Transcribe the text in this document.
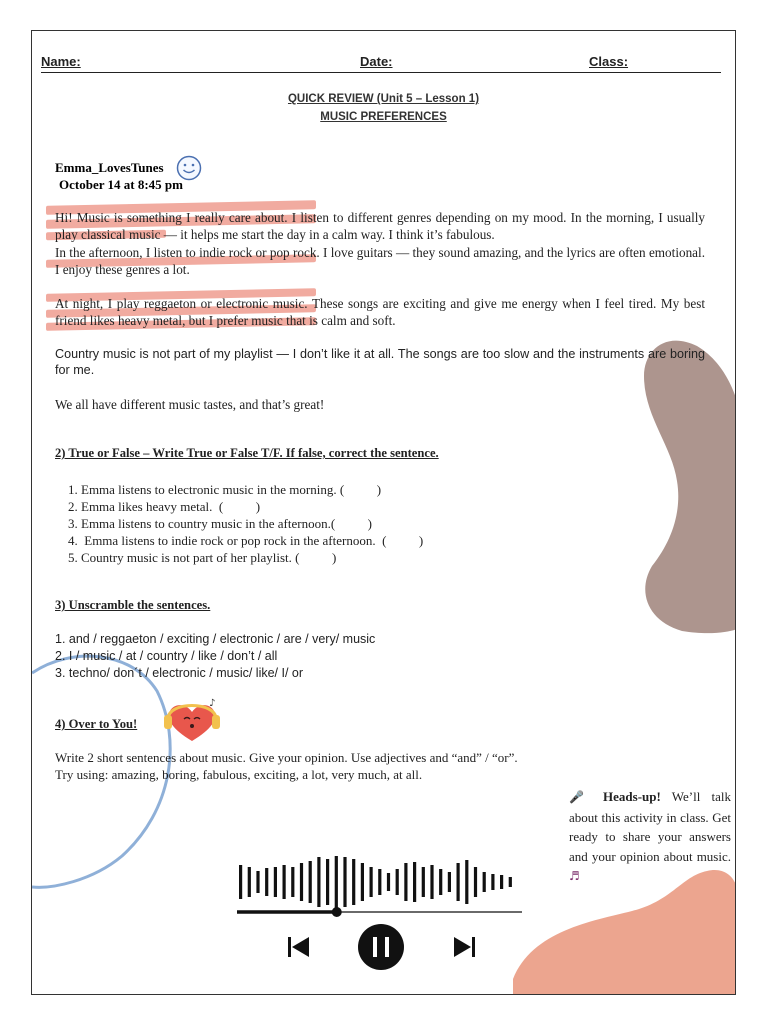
Name:	Date:	Class:
QUICK REVIEW (Unit 5 – Lesson 1)
MUSIC PREFERENCES
Emma_LovesTunes
October 14 at 8:45 pm
Hi! Music is something I really care about. I listen to different genres depending on my mood. In the morning, I usually play classical music — it helps me start the day in a calm way. I think it’s fabulous.
In the afternoon, I listen to indie rock or pop rock. I love guitars — they sound amazing, and the lyrics are often emotional. I enjoy these genres a lot.
At night, I play reggaeton or electronic music. These songs are exciting and give me energy when I feel tired. My best friend likes heavy metal, but I prefer music that is calm and soft.
Country music is not part of my playlist — I don’t like it at all. The songs are too slow and the instruments are boring for me.
We all have different music tastes, and that’s great!
2) True or False – Write True or False T/F. If false, correct the sentence.
1. Emma listens to electronic music in the morning. (          )
2. Emma likes heavy metal.  (          )
3. Emma listens to country music in the afternoon.(          )
4.  Emma listens to indie rock or pop rock in the afternoon.  (          )
5. Country music is not part of her playlist. (          )
3) Unscramble the sentences.
1. and / reggaeton / exciting / electronic / are / very/ music
2. I / music / at / country / like / don’t / all
3. techno/ don´t / electronic / music/ like/ I/ or
4) Over to You!
♪
Write 2 short sentences about music. Give your opinion. Use adjectives and “and” / “or”.
Try using: amazing, boring, fabulous, exciting, a lot, very much, at all.
🎤 Heads-up! We’ll talk about this activity in class. Get ready to share your answers and your opinion about music. ♬
